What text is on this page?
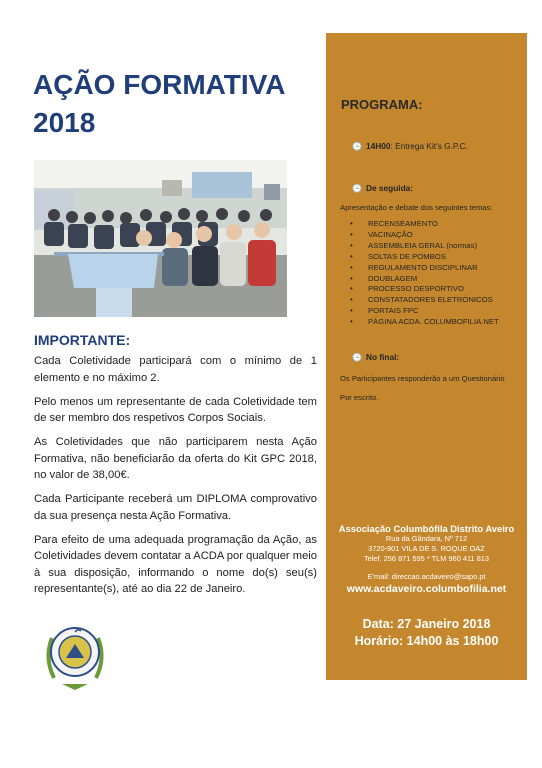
AÇÃO FORMATIVA
2018
IMPORTANTE:

Cada Coletividade participará com o mínimo de 1 elemento e no máximo 2.

Pelo menos um representante de cada Coletividade tem de ser membro dos respetivos Corpos Sociais.

As Coletividades que não participarem nesta Ação Formativa, não beneficiarão da oferta do Kit GPC 2018, no valor de 38,00€.

Cada Participante receberá um DIPLOMA comprovativo da sua presença nesta Ação Formativa.

Para efeito de uma adequada programação da Ação, as Coletividades devem contatar a ACDA por qualquer meio à sua disposição, informando o nome do(s) seu(s) representante(s), até ao dia 22 de Janeiro.

PROGRAMA:
🕒 14H00: Entrega Kit's G.P.C.
🕒 De seguida:
Apresentação e debate dos seguintes temas:
• RECENSEAMENTO
• VACINAÇÃO
• ASSEMBLEIA GERAL (normas)
• SOLTAS DE POMBOS
• REGULAMENTO DISCIPLINAR
• DOUBLAGEM
• PROCESSO DESPORTIVO
• CONSTATADORES ELETRÓNICOS
• PORTAIS FPC
• PÁGINA ACDA. COLUMBOFILIA.NET
🕒 No final:
Os Participantes responderão a um Questionário
Por escrito.
Associação Columbófila Distrito Aveiro
Rua da Gândara, Nº 712
3720-901 VILA DE S. ROQUE OAZ
Telef. 256 871 595 * TLM 960 411 813
E’mail: direccao.acdaveiro@sapo.pt
www.acdaveiro.columbofilia.net
Data: 27 Janeiro 2018
Horário: 14h00 às 18h00
